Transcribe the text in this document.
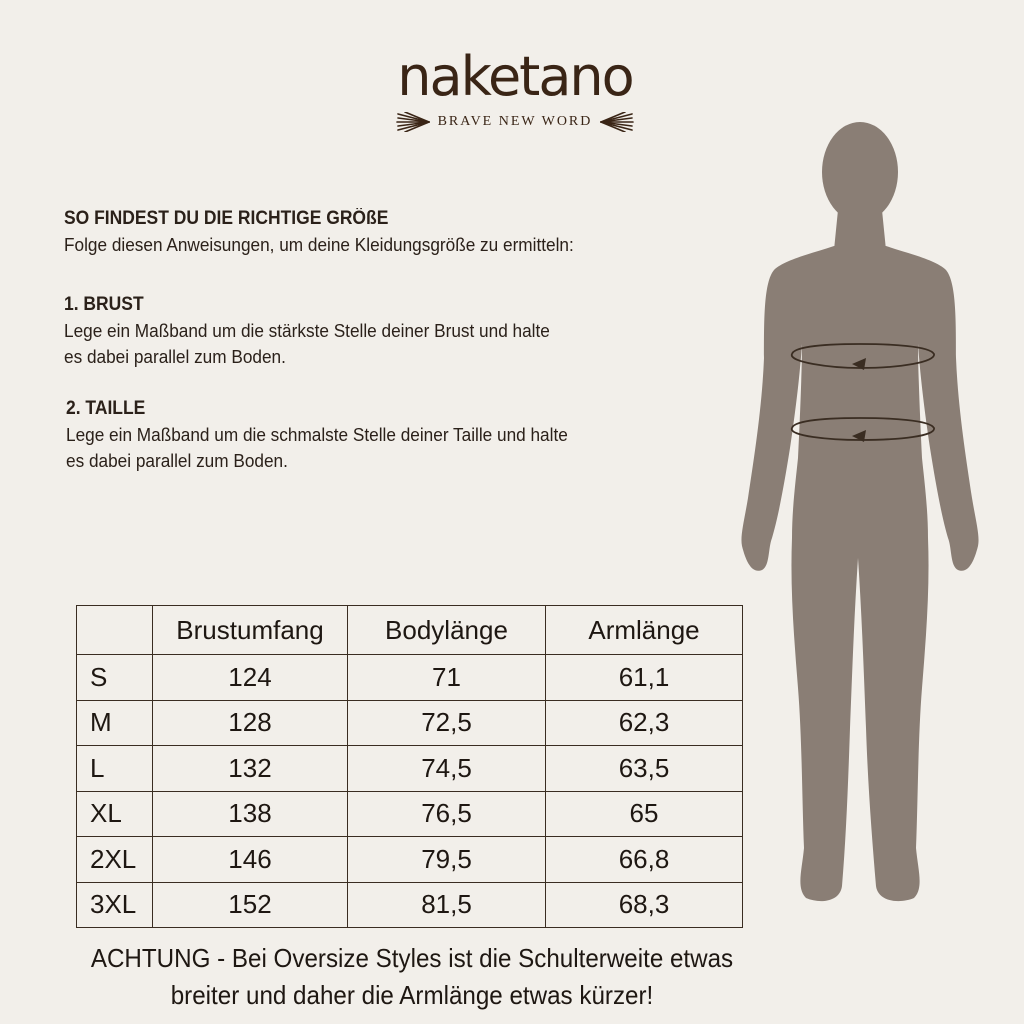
naketano
BRAVE NEW WORD
SO FINDEST DU DIE RICHTIGE GRÖßE
Folge diesen Anweisungen, um deine Kleidungsgröße zu ermitteln:
1. BRUST
Lege ein Maßband um die stärkste Stelle deiner Brust und halte
es dabei parallel zum Boden.
2. TAILLE
Lege ein Maßband um die schmalste Stelle deiner Taille und halte
es dabei parallel zum Boden.
	Brustumfang	Bodylänge	Armlänge
S	124	71	61,1
M	128	72,5	62,3
L	132	74,5	63,5
XL	138	76,5	65
2XL	146	79,5	66,8
3XL	152	81,5	68,3
ACHTUNG - Bei Oversize Styles ist die Schulterweite etwas
breiter und daher die Armlänge etwas kürzer!
